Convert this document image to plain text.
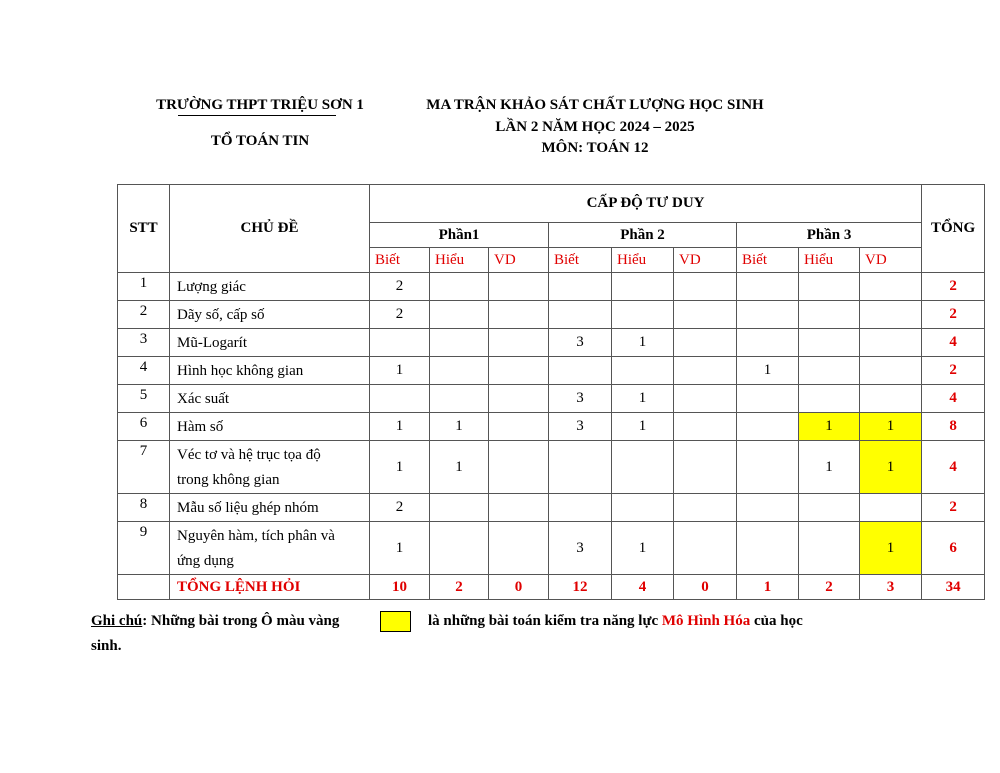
TRƯỜNG THPT TRIỆU SƠN 1
TỔ TOÁN TIN
MA TRẬN KHẢO SÁT CHẤT LƯỢNG HỌC SINH
LẦN 2 NĂM HỌC 2024 – 2025
MÔN: TOÁN 12
STT	CHỦ ĐỀ	CẤP ĐỘ TƯ DUY									TỔNG
		Phần1			Phần 2			Phần 3			
		Biết	Hiểu	VD	Biết	Hiểu	VD	Biết	Hiểu	VD	
1	Lượng giác	2									2
2	Dãy số, cấp số	2									2
3	Mũ-Logarít				3	1					4
4	Hình học không gian	1						1			2
5	Xác suất				3	1					4
6	Hàm số	1	1		3	1			1	1	8
7	Véc tơ và hệ trục tọa độ
trong không gian	1	1						1	1	4
8	Mẫu số liệu ghép nhóm	2									2
9	Nguyên hàm, tích phân và
ứng dụng	1			3	1				1	6
	TỔNG LỆNH HỎI	10	2	0	12	4	0	1	2	3	34
Ghi chú: Những bài trong Ô màu vàng	là những bài toán kiểm tra năng lực Mô Hình Hóa của học
sinh.
